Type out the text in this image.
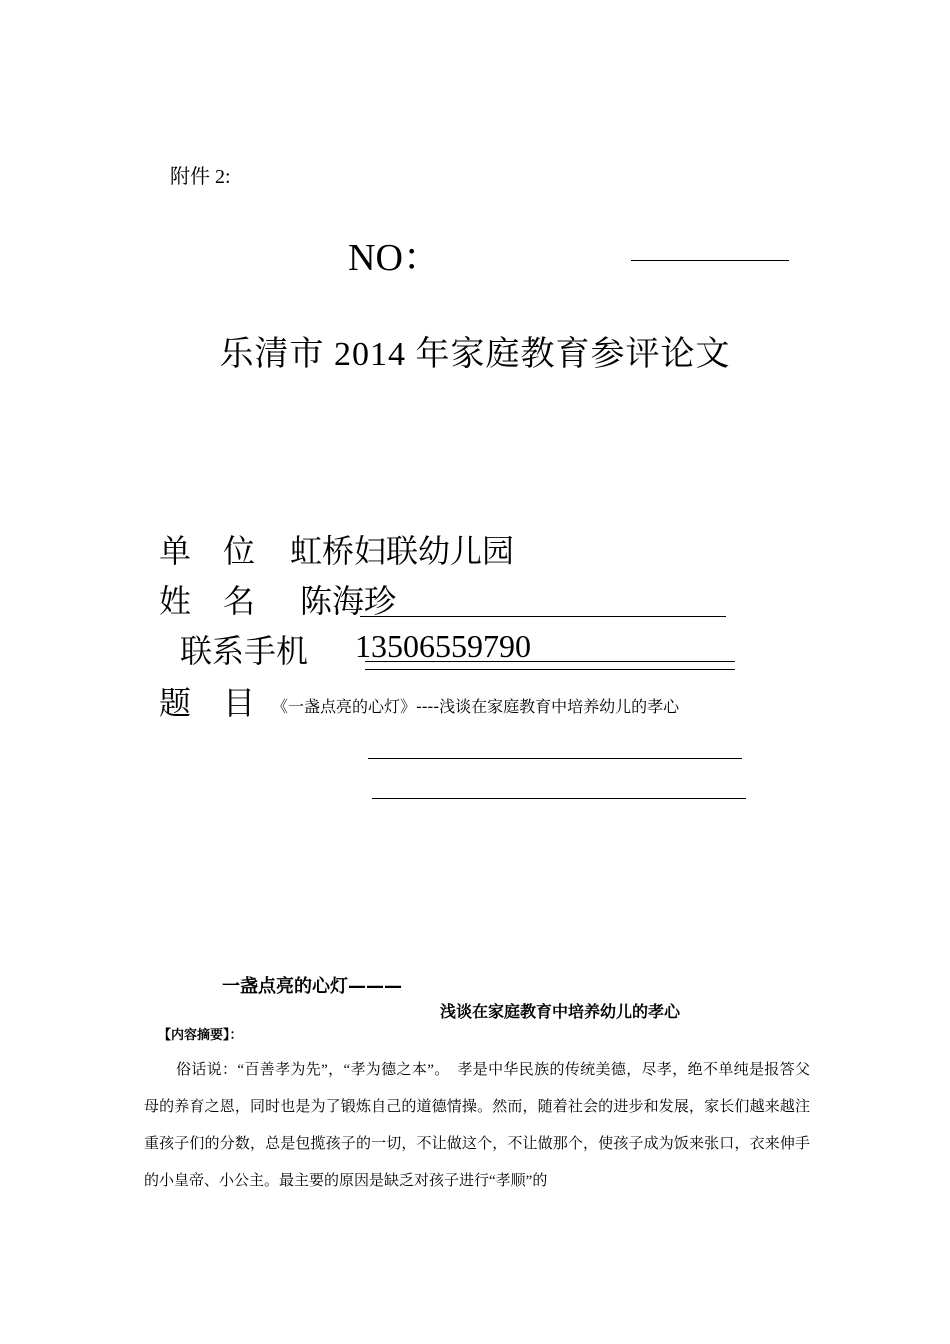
附件 2:
NO：
乐清市 2014 年家庭教育参评论文
单　位 虹桥妇联幼儿园
姓　名 陈海珍
联系手机 13506559790
题　目 《一盏点亮的心灯》----浅谈在家庭教育中培养幼儿的孝心
一盏点亮的心灯———
浅谈在家庭教育中培养幼儿的孝心
【内容摘要】：
俗话说：“百善孝为先”，“孝为德之本”。　孝是中华民族的传统美德，尽孝，绝不单纯是报答父母的养育之恩，同时也是为了锻炼自己的道德情操。然而，随着社会的进步和发展，家长们越来越注重孩子们的分数，总是包揽孩子的一切，不让做这个，不让做那个，使孩子成为饭来张口，衣来伸手的小皇帝、小公主。最主要的原因是缺乏对孩子进行“孝顺”的
